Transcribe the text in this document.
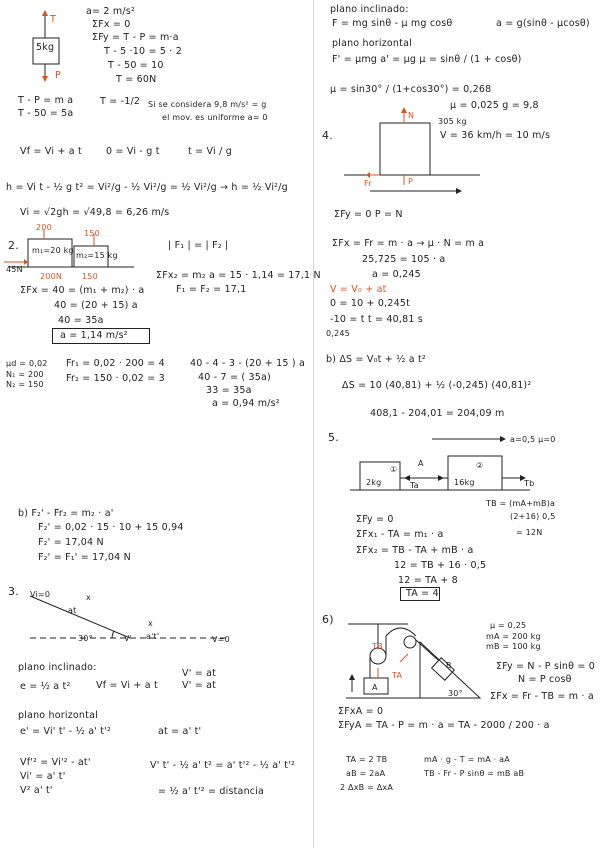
T
5kg
P
a= 2 m/s²
ΣFx = 0
ΣFy = T - P = m·a
T - 5 ·10 = 5 · 2
T - 50 = 10
T = 60N
T - P = m a
T - 50 = 5a
T = -1/2 Si se considera 9,8 m/s² = g
el mov. es uniforme a= 0
Vf = Vi + a t	0 = Vi - g t	t = Vi / g
h = Vi t - ½ g t² = Vi²/g - ½ Vi²/g = ½ Vi²/g → h = ½ Vi²/g
Vi = √2gh = √49,8 = 6,26 m/s
2.
200
150
m₁=20 kg
m₂=15 kg
45N
200N 150
| F₁ | = | F₂ |
ΣFx₂ = m₂ a = 15 · 1,14 = 17,1 N
F₁ = F₂ = 17,1
ΣFx = 40 = (m₁ + m₂) · a
40 = (20 + 15) a
40 = 35a
a = 1,14 m/s²
μd = 0,02
N₁ = 200
N₂ = 150
Fr₁ = 0,02 · 200 = 4
Fr₂ = 150 · 0,02 = 3
40 - 4 - 3 - (20 + 15 ) a
40 - 7 = ( 35a)
33 = 35a
a = 0,94 m/s²
b) F₂' - Fr₂ = m₂ · a'
F₂' = 0,02 · 15 · 10 + 15 0,94
F₂' = 17,04 N
F₂' = F₁' = 17,04 N
3. Vi=0
at
x
x
30°	V' a't'	V=0
plano inclinado:
e = ½ a t²	Vf = Vi + a t
V' = at
V' = at
plano horizontal
e' = Vi' t' - ½ a' t'²	at = a' t'
Vf'² = Vi'² - at'
Vi' = a' t'
V² a' t'
V' t' - ½ a' t² = a' t'² - ½ a' t'²
= ½ a' t'² = distancia
plano inclinado:
F = mg sinθ - μ mg cosθ	a = g(sinθ - μcosθ)
plano horizontal
F' = μmg a' = μg μ = sinθ / (1 + cosθ)
μ = sin30° / (1+cos30°) = 0,268
μ = 0,025 g = 9,8
305 kg
V = 36 km/h = 10 m/s
4.
N
P
Fr
ΣFy = 0 P = N
ΣFx = Fr = m · a → μ · N = m a
25,725 = 105 · a
a = 0,245
V = V₀ + at
0 = 10 + 0,245t
-10 = t t = 40,81 s
0,245
b) ΔS = V₀t + ½ a t²
ΔS = 10 (40,81) + ½ (-0,245) (40,81)²
408,1 - 204,01 = 204,09 m
5.	a=0,5 μ=0
2kg
①
16kg
②
A
Ta	Tb
TB = (mA+mB)a
(2+16) 0,5
= 12N
ΣFy = 0
ΣFx₁ - TA = m₁ · a
ΣFx₂ = TB - TA + mB · a
12 = TB + 16 · 0,5
12 = TA + 8
TA = 4
6)	μ = 0,25
mA = 200 kg
mB = 100 kg
ΣFy = N - P sinθ = 0
N = P cosθ
ΣFx = Fr - TB = m · a
A
B
30°
TB
TA
ΣFxA = 0
ΣFyA = TA - P = m · a = TA - 2000 / 200 · a
TA = 2 TB
aB = 2aA
2 ΔxB = ΔxA
mA · g - T = mA · aA
TB - Fr - P sinθ = mB aB
